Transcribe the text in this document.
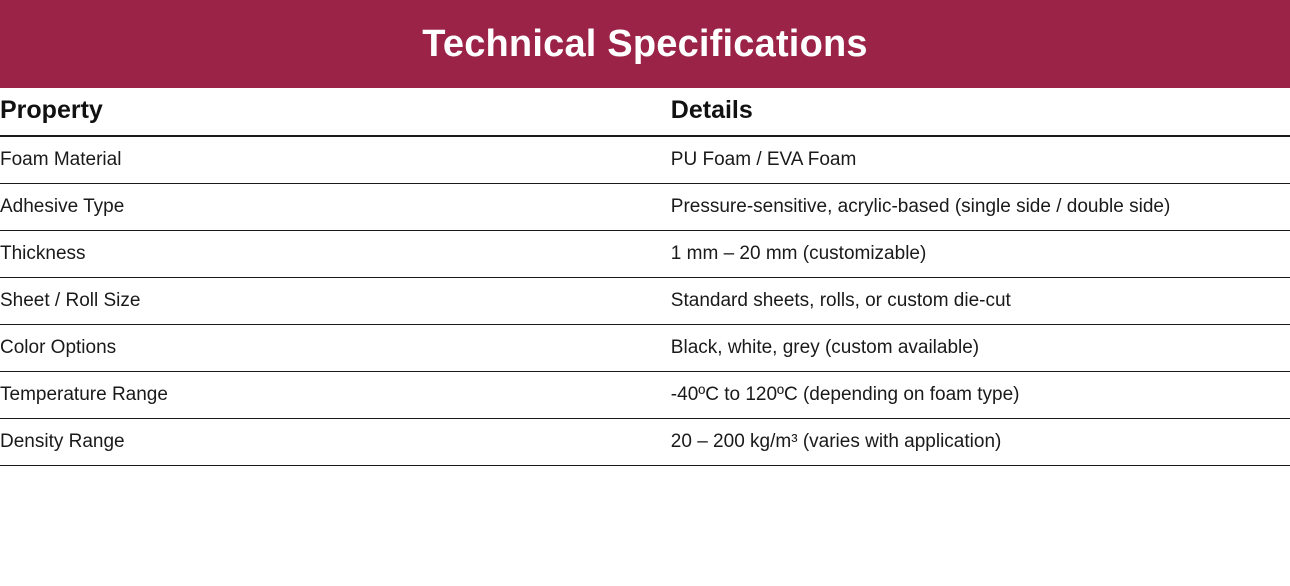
Technical Specifications
Property	Details
Foam Material	PU Foam / EVA Foam
Adhesive Type	Pressure-sensitive, acrylic-based (single side / double side)
Thickness	1 mm – 20 mm (customizable)
Sheet / Roll Size	Standard sheets, rolls, or custom die-cut
Color Options	Black, white, grey (custom available)
Temperature Range	-40ºC to 120ºC (depending on foam type)
Density Range	20 – 200 kg/m³ (varies with application)
